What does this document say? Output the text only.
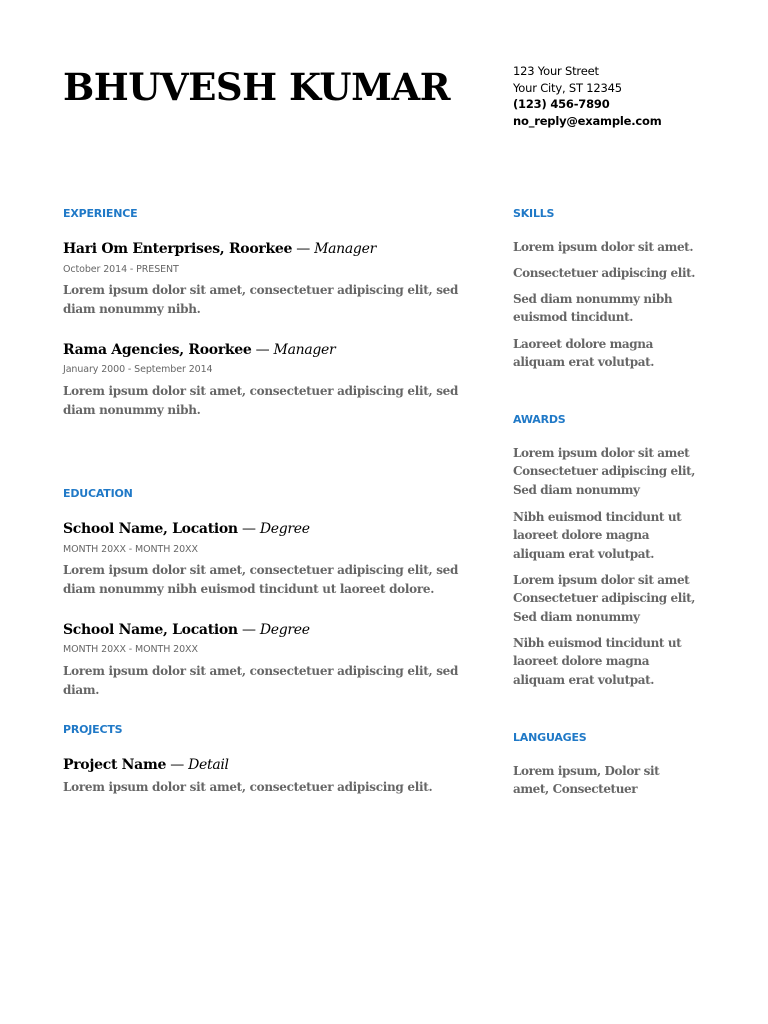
BHUVESH KUMAR	123 Your Street
Your City, ST 12345
(123) 456-7890
no_reply@example.com
EXPERIENCE
Hari Om Enterprises, Roorkee — Manager
October 2014 - PRESENT
Lorem ipsum dolor sit amet, consectetuer adipiscing elit, sed diam nonummy nibh.
Rama Agencies, Roorkee — Manager
January 2000 - September 2014
Lorem ipsum dolor sit amet, consectetuer adipiscing elit, sed diam nonummy nibh.
EDUCATION
School Name, Location — Degree
MONTH 20XX - MONTH 20XX
Lorem ipsum dolor sit amet, consectetuer adipiscing elit, sed diam nonummy nibh euismod tincidunt ut laoreet dolore.
School Name, Location — Degree
MONTH 20XX - MONTH 20XX
Lorem ipsum dolor sit amet, consectetuer adipiscing elit, sed diam.
PROJECTS
Project Name — Detail
Lorem ipsum dolor sit amet, consectetuer adipiscing elit.
SKILLS
Lorem ipsum dolor sit amet.
Consectetuer adipiscing elit.
Sed diam nonummy nibh euismod tincidunt.
Laoreet dolore magna aliquam erat volutpat.
AWARDS
Lorem ipsum dolor sit amet Consectetuer adipiscing elit, Sed diam nonummy
Nibh euismod tincidunt ut laoreet dolore magna aliquam erat volutpat.
Lorem ipsum dolor sit amet Consectetuer adipiscing elit, Sed diam nonummy
Nibh euismod tincidunt ut laoreet dolore magna aliquam erat volutpat.
LANGUAGES
Lorem ipsum, Dolor sit amet, Consectetuer
